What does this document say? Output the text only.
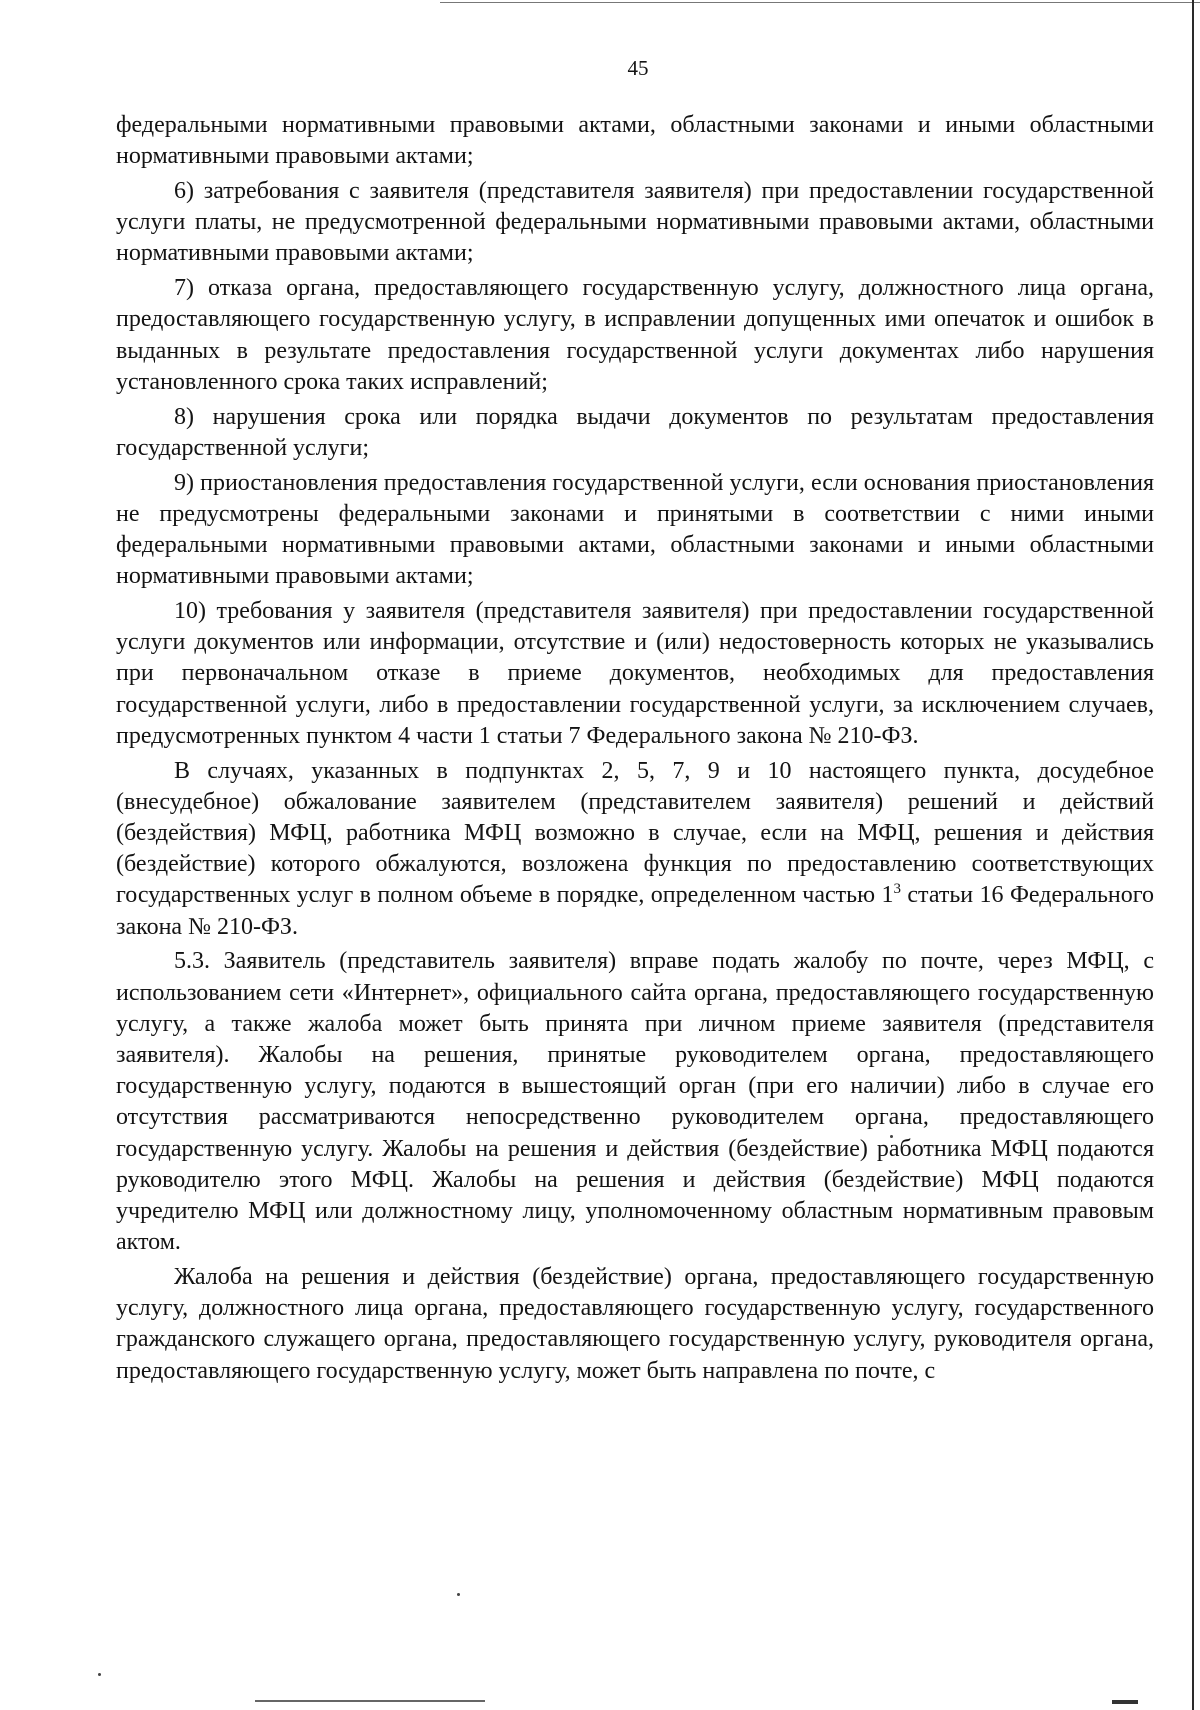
45

федеральными нормативными правовыми актами, областными законами и иными областными нормативными правовыми актами;

6) затребования с заявителя (представителя заявителя) при предоставлении государственной услуги платы, не предусмотренной федеральными нормативными правовыми актами, областными нормативными правовыми актами;

7) отказа органа, предоставляющего государственную услугу, должностного лица органа, предоставляющего государственную услугу, в исправлении допущенных ими опечаток и ошибок в выданных в результате предоставления государственной услуги документах либо нарушения установленного срока таких исправлений;

8) нарушения срока или порядка выдачи документов по результатам предоставления государственной услуги;

9) приостановления предоставления государственной услуги, если основания приостановления не предусмотрены федеральными законами и принятыми в соответствии с ними иными федеральными нормативными правовыми актами, областными законами и иными областными нормативными правовыми актами;

10) требования у заявителя (представителя заявителя) при предоставлении государственной услуги документов или информации, отсутствие и (или) недостоверность которых не указывались при первоначальном отказе в приеме документов, необходимых для предоставления государственной услуги, либо в предоставлении государственной услуги, за исключением случаев, предусмотренных пунктом 4 части 1 статьи 7 Федерального закона № 210-ФЗ.

В случаях, указанных в подпунктах 2, 5, 7, 9 и 10 настоящего пункта, досудебное (внесудебное) обжалование заявителем (представителем заявителя) решений и действий (бездействия) МФЦ, работника МФЦ возможно в случае, если на МФЦ, решения и действия (бездействие) которого обжалуются, возложена функция по предоставлению соответствующих государственных услуг в полном объеме в порядке, определенном частью $1^3$ статьи 16 Федерального закона № 210-ФЗ.

5.3. Заявитель (представитель заявителя) вправе подать жалобу по почте, через МФЦ, с использованием сети «Интернет», официального сайта органа, предоставляющего государственную услугу, а также жалоба может быть принята при личном приеме заявителя (представителя заявителя). Жалобы на решения, принятые руководителем органа, предоставляющего государственную услугу, подаются в вышестоящий орган (при его наличии) либо в случае его отсутствия рассматриваются непосредственно руководителем органа, предоставляющего государственную услугу. Жалобы на решения и действия (бездействие) работника МФЦ подаются руководителю этого МФЦ. Жалобы на решения и действия (бездействие) МФЦ подаются учредителю МФЦ или должностному лицу, уполномоченному областным нормативным правовым актом.

Жалоба на решения и действия (бездействие) органа, предоставляющего государственную услугу, должностного лица органа, предоставляющего государственную услугу, государственного гражданского служащего органа, предоставляющего государственную услугу, руководителя органа, предоставляющего государственную услугу, может быть направлена по почте, с
